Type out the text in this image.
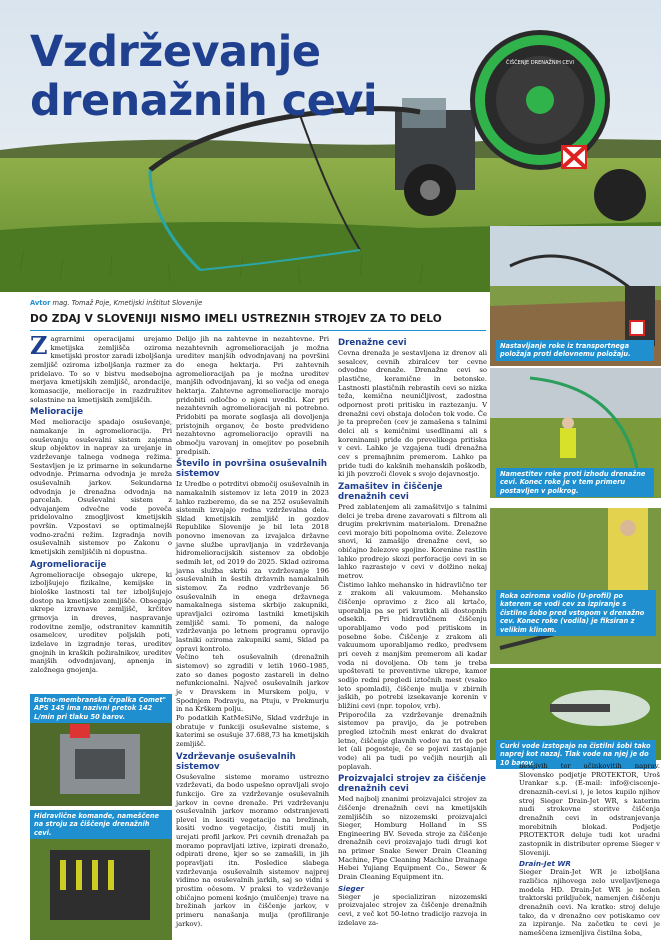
ČIŠČENJE DRENAŽNIH CEVI
Vzdrževanje
drenažnih cevi
Nastavljanje roke iz transportnega položaja proti delovnemu položaju.
Namestitev roke proti izhodu drenažne cevi. Konec roke je v tem primeru postavljen v polkrog.
Roka oziroma vodilo (U-profil) po katerem se vodi cev za izpiranje s čistilno šobo pred vstopom v drenažno cev. Konec roke (vodila) je fiksiran z velikim klinom.
Curki vode izstopajo na čistilni šobi tako naprej kot nazaj. Tlak vode na njej je do 10 barov.
Avtor mag. Tomaž Poje, Kmetijski inštitut Slovenije
DO ZDAJ V SLOVENIJI NISMO IMELI USTREZNIH STROJEV ZA TO DELO

Zagrarnimi operacijami urejamo kmetijska zemljišča oziroma kmetijski prostor zaradi izboljšanja zemljišč oziroma izboljšanja razmer za pridelavo. To so v bistvu medsebojna merjava kmetijskih zemljišč, arondacije, komasacije, melioracije in razdružitev solastnine na kmetijskih zemljiščih.

Melioracije

Med melioracije spadajo osuševanje, namakanje in agromelioracija. Pri osuševanju osuševalni sistem zajema skup objektov in naprav za urejanje in vzdrževanje talnega vodnega režima. Sestavljen je iz primarne in sekundarne odvodnje. Primarna odvodnja je mreža osuševalnih jarkov. Sekundarna odvodnja je drenažna odvodnja na parcelah. Osuševalni sistem z odvajanjem odvečne vode poveča pridelovalno zmogljivost kmetijskih površin. Vzpostavi se optimalnejši vodno-zračni režim. Izgradnja novih osuševalnih sistemov po Zakonu o kmetijskih zemljiščih ni dopustna.

Agromelioracije

Agromelioracije obsegajo ukrepe, ki izboljšujejo fizikalne, kemijske in biološke lastnosti tal ter izboljšujejo dostop na kmetijsko zemljišče. Obsegajo ukrepe izravnave zemljišč, krčitev grmovja in dreves, naspravanje rodovitne zemlje, odstranitev kamnitih osamelcev, ureditev poljskih poti, izdelave in izgradnje teras, ureditev gnojnih in kraških požiralnikov, ureditev manjših odvodnjavanj, apnenja in založnega gnojenja.

Batno-membranska črpalka Comet" APS 145 ima nazivni pretok 142 L/min pri tlaku 50 barov.
Hidravlične komande, nameščene na stroju za čiščenje drenažnih cevi.

Delijo jih na zahtevne in nezahtevne. Pri nezahtevnih agromelioracijah je možna ureditev manjših odvodnjavanj na površini do enega hektarja. Pri zahtevnih agromelioracijah pa je možna ureditev manjših odvodnjavanj, ki so večja od enega hektarja. Zahtevne agromelioracije morajo pridobiti odločbo o njeni uvedbi. Kar pri nezahtevnih agromelioracijah ni potrebno. Pridobiti pa morate soglasja ali dovoljenja pristojnih organov, če boste predvideno nezahtevno agromelioracijo opravili na območju varovanj in omejitev po posebnih predpisih.

Število in površina osuševalnih sistemov

Iz Uredbe o potrditvi območij osuševalnih in namakalnih sistemov iz leta 2019 in 2023 lahko razberemo, da se na 252 osuševalnih sistemih izvajajo redna vzdrževalna dela. Sklad kmetijskih zemljišč in gozdov Republike Slovenije je bil leta 2018 ponovno imenovan za izvajalca državne javne službe upravljanja in vzdrževanja hidromelioracijskih sistemov za obdobje sedmih let, od 2019 do 2025. Sklad oziroma javna služba skrbi za vzdrževanje 196 osuševalnih in šestih državnih namakalnih sistemov. Za redno vzdrževanje 56 osuševalnih in enega državnega namakalnega sistema skrbijo zakupniki, upravljalci oziroma lastniki kmetijskih zemljišč sami. To pomeni, da naloge vzdrževanja po letnem programu opravijo lastniki oziroma zakupniki sami, Sklad pa opravi kontrolo.

Večino teh osuševalnih (drenažnih sistemov) so zgradili v letih 1960–1985, zato so danes pogosto zastareli in delno nefunkcionalni. Največ osuševalnih jarkov je v Dravskem in Murskem polju, v Spodnjem Podravju, na Ptuju, v Prekmurju in na Krškem polju.

Po podatkih KatMeSiNe, Sklad vzdržuje in obratuje v funkciji osuševalne sisteme, s katerimi se osušuje 37.688,73 ha kmetijskih zemljišč.

Vzdrževanje osuševalnih sistemov

Osuševalne sisteme moramo ustrezno vzdrževati, da bodo uspešno opravljali svojo funkcijo. Gre za vzdrževanje osuševalnih jarkov in cevne drenaže. Pri vzdrževanju osuševalnih jarkov moramo odstranjevati plevel in kositi vegetacijo na brežinah, kositi vodno vegetacijo, čistiti mulj in urejati profil jarkov. Pri cevnih drenažah pa moramo popravljati iztive, izpirati drenažo, odpirati drene, kjer so se zamašili, in jih popravljati itn. Posledice slabega vzdrževanja osuševalnih sistemov najprej vidimo na osuševalnih jarkih, saj so vidni s prostim očesom. V praksi to vzdrževanje običajno pomeni košnjo (mulčenje) trave na brežinah jarkov in čiščenje jarkov, v primeru nanašanja mulja (profiliranje jarkov).

Drenažne cevi

Cevna drenaža je sestavljena iz drenov ali sesalcev, cevnih zbiralcev ter cevne odvodne drenaže. Drenažne cevi so plastične, keramične in betonske. Lastnosti plastičnih rebrastih cevi so nizka teža, kemična neuničljivost, zadostna odpornost proti pritisku in raztezanju. V drenažni cevi obstaja določen tok vode. Če je ta preprečen (cev je zamašena s talnimi delci ali s kemičnimi usedlinami ali s koreninami) pride do prevelikega pritiska v cevi. Lahko je vzgajena tudi drenažna cev s premajhnim premerom. Lahko pa pride tudi do kakšnih mehanskih poškodb, ki jih povzroči človek s svojo dejavnostjo.

Zamašitev in čiščenje drenažnih cevi

Pred zablatenjem ali zamašitvijo s talnimi delci je treba drene zavarovati s filtrom ali drugim prekrivnim materialom. Drenažne cevi morajo biti popolnoma ovite. Železove snovi, ki zamašijo drenažne cevi, so običajno železove spojine. Korenine rastlin lahko prodrejo skozi perforacije cevi in se lahko razrastejo v cevi v dolžino nekaj metrov.

Čistimo lahko mehansko in hidravlično ter z zrakom ali vakuumom. Mehansko čiščenje opravimo z žico ali krtačo, uporablja pa se pri kratkih ali dostopnih odsekih. Pri hidravličnem čiščenju uporabljamo vodo pod pritiskom in posebne šobe. Čiščenje z zrakom ali vakuumom uporabljamo redko, predvsem pri ceveh z manjšim premerom ali kadar voda ni dovoljena. Ob tem je treba upoštevati te preventivne ukrepe, kamor sodijo redni pregledi iztočnih mest (vsako leto spomladi), čiščenje mulja v zbirnih jaških, po potrebi izsekavanje korenin v bližini cevi (npr. topolov, vrb).

Priporočila za vzdrževanje drenažnih sistemov pa pravijo, da je potreben pregled iztočnih mest enkrat do dvakrat letno, čiščenje glavnih vodov na tri do pet let (ali pogosteje, če se pojavi zastajanje vode) ali pa tudi po večjih neurjih ali poplavah.

Proizvajalci strojev za čiščenje drenažnih cevi

Med najbolj znanimi proizvajalci strojev za čiščenje drenažnih cevi na kmetijskih zemljiščih so nizozemski proizvajalci Sieger, Homburg Holland in SS Engineering BV. Seveda stroje za čiščenje drenažnih cevi proizvajajo tudi drugi kot na primer Snake Sewer Drain Cleaning Machine, Pipe Cleaning Machine Drainage Hebei Yujiang Equipment Co., Sewer & Drain Cleaning Equipment itn.

Sieger

Sieger je specializiran nizozemski proizvajalec strojev za čiščenje drenažnih cevi, z več kot 50-letno tradicijo razvoja in izdelave za-

nesljivih ter učinkovitih naprav. Slovensko podjetje PROTEKTOR, Uroš Urankar s.p. (E-mail: info@ciscenje-drenaznih-cevi.si ), je letos kupilo njihov stroj Sieger Drain-Jet WR, s katerim nudi strokovne storitve čiščenja drenažnih cevi in odstranjevanja morebitnih blokad. Podjetje PROTEKTOR deluje tudi kot uradni zastopnik in distributer opreme Sieger v Sloveniji.

Drain-Jet WR

Sieger Drain-Jet WR je izboljšana različica njihovega zelo uveljavljenega modela HD. Drain-Jet WR je nošen traktorski priključek, namenjen čiščenju drenažnih cevi. Na kratko: stroj deluje tako, da v drenažno cev potiskamo cev za izpiranje. Na začetku te cevi je nameščena izmenljiva čistilna šoba,
